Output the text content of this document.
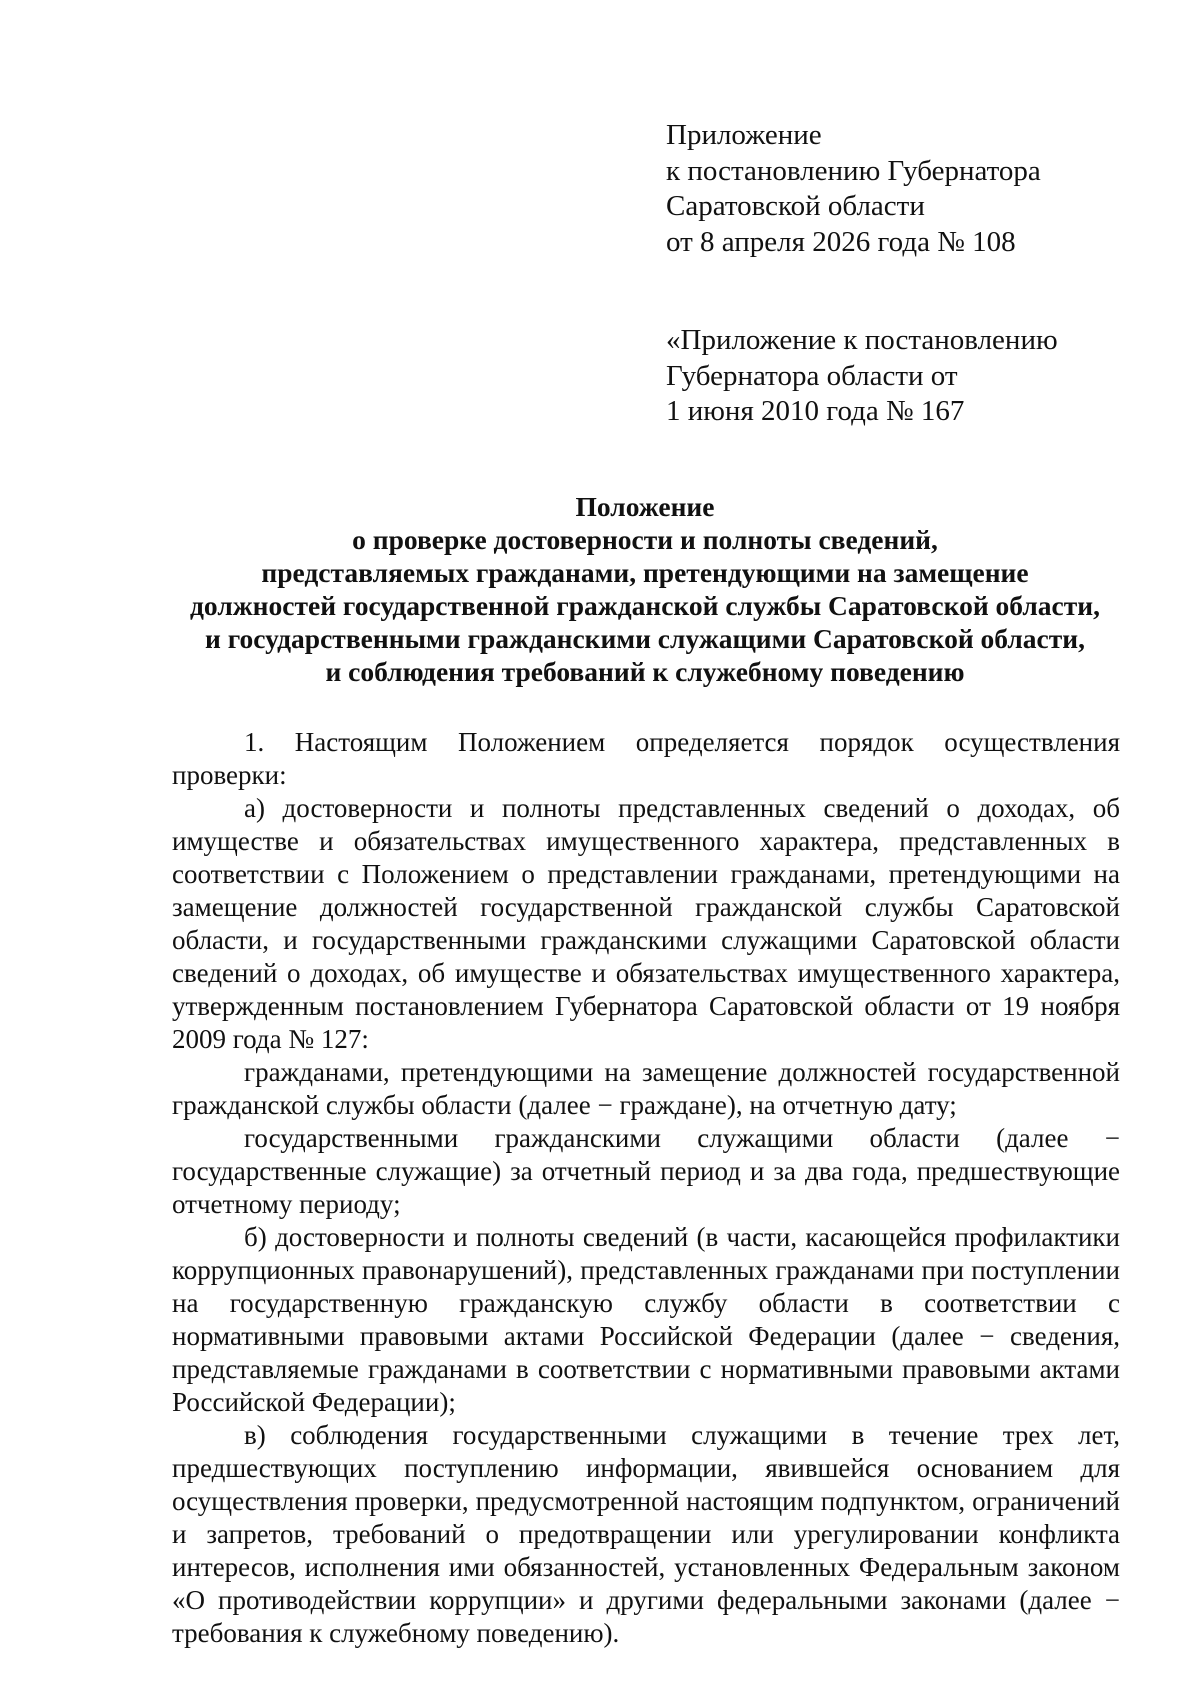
Приложение
к постановлению Губернатора
Саратовской области
от 8 апреля 2026 года № 108
«Приложение к постановлению
Губернатора области от
1 июня 2010 года № 167
Положение
о проверке достоверности и полноты сведений,
представляемых гражданами, претендующими на замещение
должностей государственной гражданской службы Саратовской области,
и государственными гражданскими служащими Саратовской области,
и соблюдения требований к служебному поведению

1. Настоящим Положением определяется порядок осуществления проверки:

а) достоверности и полноты представленных сведений о доходах, об имуществе и обязательствах имущественного характера, представленных в соответствии с Положением о представлении гражданами, претендующими на замещение должностей государственной гражданской службы Саратовской области, и государственными гражданскими служащими Саратовской области сведений о доходах, об имуществе и обязательствах имущественного характера, утвержденным постановлением Губернатора Саратовской области от 19 ноября 2009 года № 127:

гражданами, претендующими на замещение должностей государственной гражданской службы области (далее − граждане), на отчетную дату;

государственными гражданскими служащими области (далее − государственные служащие) за отчетный период и за два года, предшествующие отчетному периоду;

б) достоверности и полноты сведений (в части, касающейся профилактики коррупционных правонарушений), представленных гражданами при поступлении на государственную гражданскую службу области в соответствии с нормативными правовыми актами Российской Федерации (далее − сведения, представляемые гражданами в соответствии с нормативными правовыми актами Российской Федерации);

в) соблюдения государственными служащими в течение трех лет, предшествующих поступлению информации, явившейся основанием для осуществления проверки, предусмотренной настоящим подпунктом, ограничений и запретов, требований о предотвращении или урегулировании конфликта интересов, исполнения ими обязанностей, установленных Федеральным законом «О противодействии коррупции» и другими федеральными законами (далее − требования к служебному поведению).
